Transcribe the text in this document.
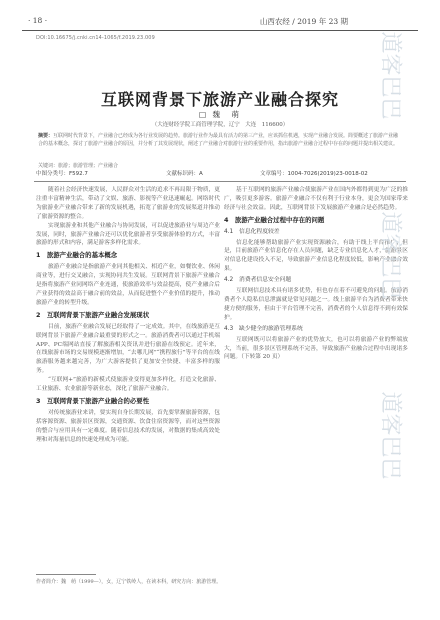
· 18 ·	山西农经 / 2019 年 23 期
DOI:10.16675/j.cnki.cn14-1065/f.2019.23.009
互联网背景下旅游产业融合探究
□ 魏　萌
（大连财经学院工商管理学院，辽宁　大连　116600）
摘要：互联网时代背景下，产业融合已经成为各行业发展的趋势。旅游行业作为最具有活力的第三产业，应该抓住机遇，实现产业融合发展。简要概述了旅游产业融合的基本概念，探讨了旅游产业融合的原因，并分析了其发展现状，阐述了产业融合对旅游行业的重要作用，指出旅游产业融合过程中存在的问题并提出相关建议。
关键词：旅游；旅游管理；产业融合
中图分类号：F592.7	文献标识码：A	文章编号：1004-7026(2019)23-0018-02

随着社会经济快速发展，人民群众对生活的追求不再局限于物质，更注重丰富精神生活，带动了文娱、旅游、影视等产业迅速崛起。网络时代为旅游业产业融合带来了新的发展机遇，拓宽了旅游业的发展渠道并推动了旅游资源的整合。

实现旅游业和其他产业融合与协同发展，可以促进旅游业与周边产业发展，同时，旅游产业融合还可以优化旅游者享受旅游体验的方式，丰富旅游的形式和内容，满足游客多样化需求。

1　旅游产业融合的基本概念

旅游产业融合是指旅游产业同其他相关、相近产业，如餐饮业、休闲商业等，进行交叉融合，实现协同共生发展。互联网背景下旅游产业融合是指将旅游产业同网络产业连通，使旅游效率与效益提高，使产业融合后产业获得的效益高于融合前的效益，从而促进整个产业价值的提升，推动旅游产业的转型升级。

2　互联网背景下旅游产业融合发展现状

目前，旅游产业融合发展已经取得了一定成效。其中，在线旅游是互联网背景下旅游产业融合最重要的形式之一。旅游消费者可以通过手机端APP、PC端网站直接了解旅游相关资讯并进行旅游在线预定。近年来，在线旅游市场的交易规模逐渐增加，“去哪儿网”“携程旅行”等平台的在线旅游服务越来越完善，为广大游客提供了更加安全快捷、丰富多样的服务。

“互联网+”旅游的新模式使旅游业变得更加多样化，打造文化旅游、工业旅游、农业旅游等新业态，深化了旅游产业融合。

3　互联网背景下旅游产业融合的必要性

对传统旅游业来讲，要实现自身长期发展，首先要掌握旅游资源，包括客源资源、旅游景区资源，交通资源、饮食住宿资源等，而对这些资源的整合与应用具有一定难度。随着信息技术的发展，对数据的集成高效处理和对海量信息的快速处理成为可能。

基于互联网的旅游产业融合使旅游产业在国内外都得到更为广泛的推广，吸引更多游客。旅游产业融合不仅有利于行业本身，更会为国家带来经济与社会效益。因此，互联网背景下发展旅游产业融合是必然趋势。

4　旅游产业融合过程中存在的问题
4.1　信息化程度较差

信息化能够帮助旅游产业实现资源融合，有助于线上平台推广，但是，目前旅游产业信息化存在人员问题，缺乏专业信息化人才，旅游景区对信息化建设投入不足，导致旅游产业信息化程度较低，影响产业融合效果。

4.2　消费者信息安全问题

互联网信息技术具有诸多优势，但也存在着不可避免的问题。旅游消费者个人隐私信息泄露就是常见问题之一。线上旅游平台为消费者带来快捷方便的服务，但由于平台管理不完善，消费者的个人信息得不到有效保护。

4.3　缺少健全的旅游管理系统

互联网既可以将旅游产业的优势放大，也可以将旅游产业的弊端放大，当前，很多景区管理系统不完善，导致旅游产业融合过程中出现诸多问题。（下转第 20 页）

作者简介：魏　萌（1999—），女，辽宁铁岭人，在读本科，研究方向：旅游管理。
道客巴巴
道客巴巴
道客巴巴
